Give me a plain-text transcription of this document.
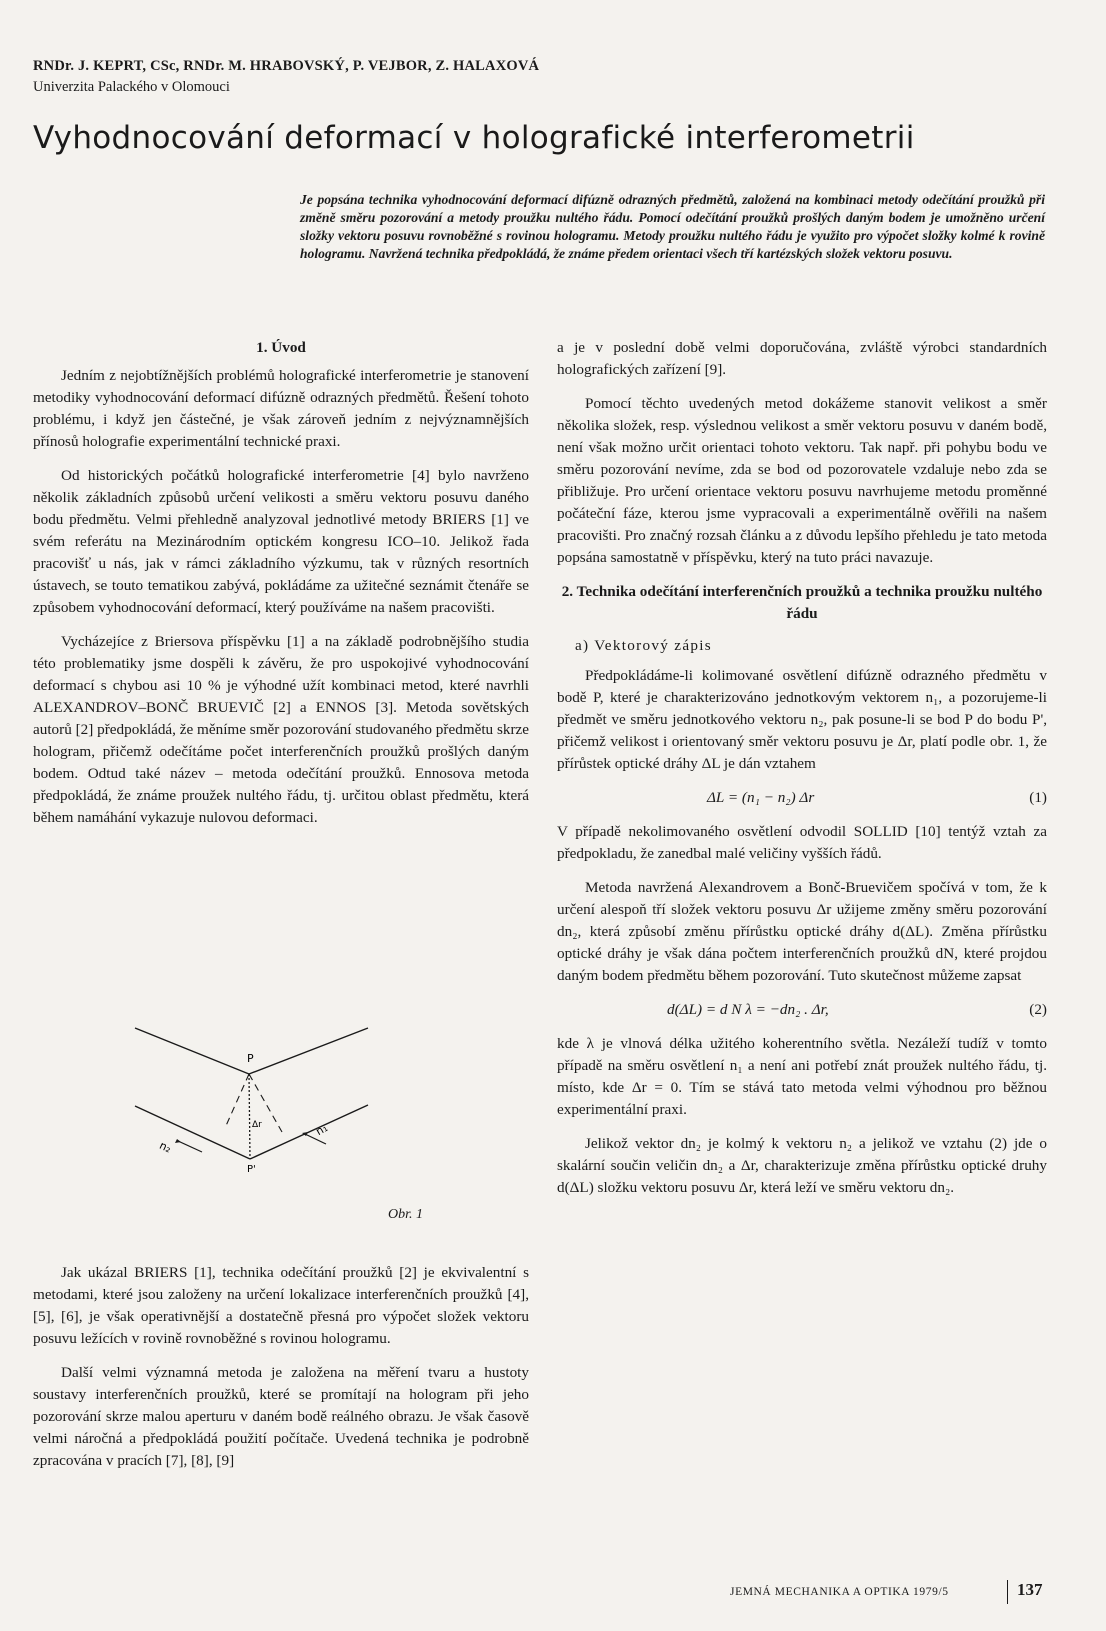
RNDr. J. KEPRT, CSc, RNDr. M. HRABOVSKÝ, P. VEJBOR, Z. HALAXOVÁ
Univerzita Palackého v Olomouci
Vyhodnocování deformací v holografické interferometrii
Je popsána technika vyhodnocování deformací difúzně odrazných předmětů, založená na kombinaci metody odečítání proužků při změně směru pozorování a metody proužku nultého řádu. Pomocí odečítání proužků prošlých daným bodem je umožněno určení složky vektoru posuvu rovnoběžné s rovinou hologramu. Metody proužku nultého řádu je využito pro výpočet složky kolmé k rovině hologramu. Navržená technika předpokládá, že známe předem orientaci všech tří kartézských složek vektoru posuvu.
1. Úvod

Jedním z nejobtížnějších problémů holografické interferometrie je stanovení metodiky vyhodnocování deformací difúzně odrazných předmětů. Řešení tohoto problému, i když jen částečné, je však zároveň jedním z nejvýznamnějších přínosů holografie experimentální technické praxi.

Od historických počátků holografické interferometrie [4] bylo navrženo několik základních způsobů určení velikosti a směru vektoru posuvu daného bodu předmětu. Velmi přehledně analyzoval jednotlivé metody BRIERS [1] ve svém referátu na Mezinárodním optickém kongresu ICO–10. Jelikož řada pracovišť u nás, jak v rámci základního výzkumu, tak v různých resortních ústavech, se touto tematikou zabývá, pokládáme za užitečné seznámit čtenáře se způsobem vyhodnocování deformací, který používáme na našem pracovišti.

Vycházejíce z Briersova příspěvku [1] a na základě podrobnějšího studia této problematiky jsme dospěli k závěru, že pro uspokojivé vyhodnocování deformací s chybou asi 10 % je výhodné užít kombinaci metod, které navrhli ALEXANDROV–BONČ BRUEVIČ [2] a ENNOS [3]. Metoda sovětských autorů [2] předpokládá, že měníme směr pozorování studovaného předmětu skrze hologram, přičemž odečítáme počet interferenčních proužků prošlých daným bodem. Odtud také název – metoda odečítání proužků. Ennosova metoda předpokládá, že známe proužek nultého řádu, tj. určitou oblast předmětu, která během namáhání vykazuje nulovou deformaci.

P
P'
Δr
n₂
n₁
Obr. 1

Jak ukázal BRIERS [1], technika odečítání proužků [2] je ekvivalentní s metodami, které jsou založeny na určení lokalizace interferenčních proužků [4], [5], [6], je však operativnější a dostatečně přesná pro výpočet složek vektoru posuvu ležících v rovině rovnoběžné s rovinou hologramu.

Další velmi významná metoda je založena na měření tvaru a hustoty soustavy interferenčních proužků, které se promítají na hologram při jeho pozorování skrze malou aperturu v daném bodě reálného obrazu. Je však časově velmi náročná a předpokládá použití počítače. Uvedená technika je podrobně zpracována v pracích [7], [8], [9]

a je v poslední době velmi doporučována, zvláště výrobci standardních holografických zařízení [9].

Pomocí těchto uvedených metod dokážeme stanovit velikost a směr několika složek, resp. výslednou velikost a směr vektoru posuvu v daném bodě, není však možno určit orientaci tohoto vektoru. Tak např. při pohybu bodu ve směru pozorování nevíme, zda se bod od pozorovatele vzdaluje nebo zda se přibližuje. Pro určení orientace vektoru posuvu navrhujeme metodu proměnné počáteční fáze, kterou jsme vypracovali a experimentálně ověřili na našem pracovišti. Pro značný rozsah článku a z důvodu lepšího přehledu je tato metoda popsána samostatně v příspěvku, který na tuto práci navazuje.

2. Technika odečítání interferenčních proužků a technika proužku nultého řádu
a) Vektorový zápis

Předpokládáme-li kolimované osvětlení difúzně odrazného předmětu v bodě P, které je charakterizováno jednotkovým vektorem n₁, a pozorujeme-li předmět ve směru jednotkového vektoru n₂, pak posune-li se bod P do bodu P', přičemž velikost i orientovaný směr vektoru posuvu je Δr, platí podle obr. 1, že přírůstek optické dráhy ΔL je dán vztahem

ΔL = (n₁ − n₂) Δr	(1)

V případě nekolimovaného osvětlení odvodil SOLLID [10] tentýž vztah za předpokladu, že zanedbal malé veličiny vyšších řádů.

Metoda navržená Alexandrovem a Bonč-Bruevičem spočívá v tom, že k určení alespoň tří složek vektoru posuvu Δr užijeme změny směru pozorování dn₂, která způsobí změnu přírůstku optické dráhy d(ΔL). Změna přírůstku optické dráhy je však dána počtem interferenčních proužků dN, které projdou daným bodem předmětu během pozorování. Tuto skutečnost můžeme zapsat

d(ΔL) = d N λ = −dn₂ . Δr,	(2)

kde λ je vlnová délka užitého koherentního světla. Nezáleží tudíž v tomto případě na směru osvětlení n₁ a není ani potřebí znát proužek nultého řádu, tj. místo, kde Δr = 0. Tím se stává tato metoda velmi výhodnou pro běžnou experimentální praxi.

Jelikož vektor dn₂ je kolmý k vektoru n₂ a jelikož ve vztahu (2) jde o skalární součin veličin dn₂ a Δr, charakterizuje změna přírůstku optické druhy d(ΔL) složku vektoru posuvu Δr, která leží ve směru vektoru dn₂.

JEMNÁ MECHANIKA A OPTIKA 1979/5	137
